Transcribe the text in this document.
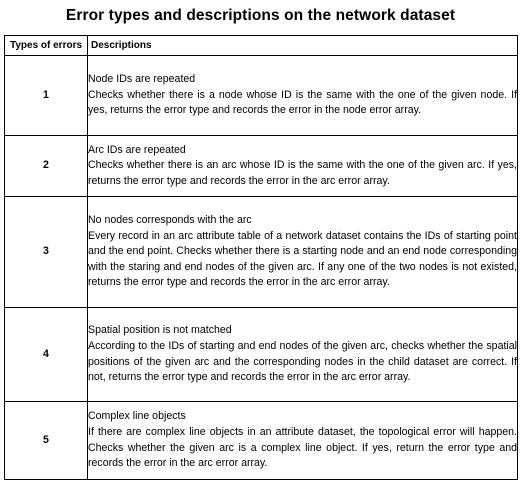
Error types and descriptions on the network dataset
Types of errors	Descriptions
1	Node IDs are repeated
Checks whether there is a node whose ID is the same with the one of the given node. If yes, returns the error type and records the error in the node error array.

2	Arc IDs are repeated
Checks whether there is an arc whose ID is the same with the one of the given arc. If yes, returns the error type and records the error in the arc error array.

3	No nodes corresponds with the arc
Every record in an arc attribute table of a network dataset contains the IDs of starting point and the end point. Checks whether there is a starting node and an end node corresponding with the staring and end nodes of the given arc. If any one of the two nodes is not existed, returns the error type and records the error in the arc error array.

4	Spatial position is not matched
According to the IDs of starting and end nodes of the given arc, checks whether the spatial positions of the given arc and the corresponding nodes in the child dataset are correct. If not, returns the error type and records the error in the arc error array.

5	Complex line objects
If there are complex line objects in an attribute dataset, the topological error will happen. Checks whether the given arc is a complex line object. If yes, return the error type and records the error in the arc error array.
